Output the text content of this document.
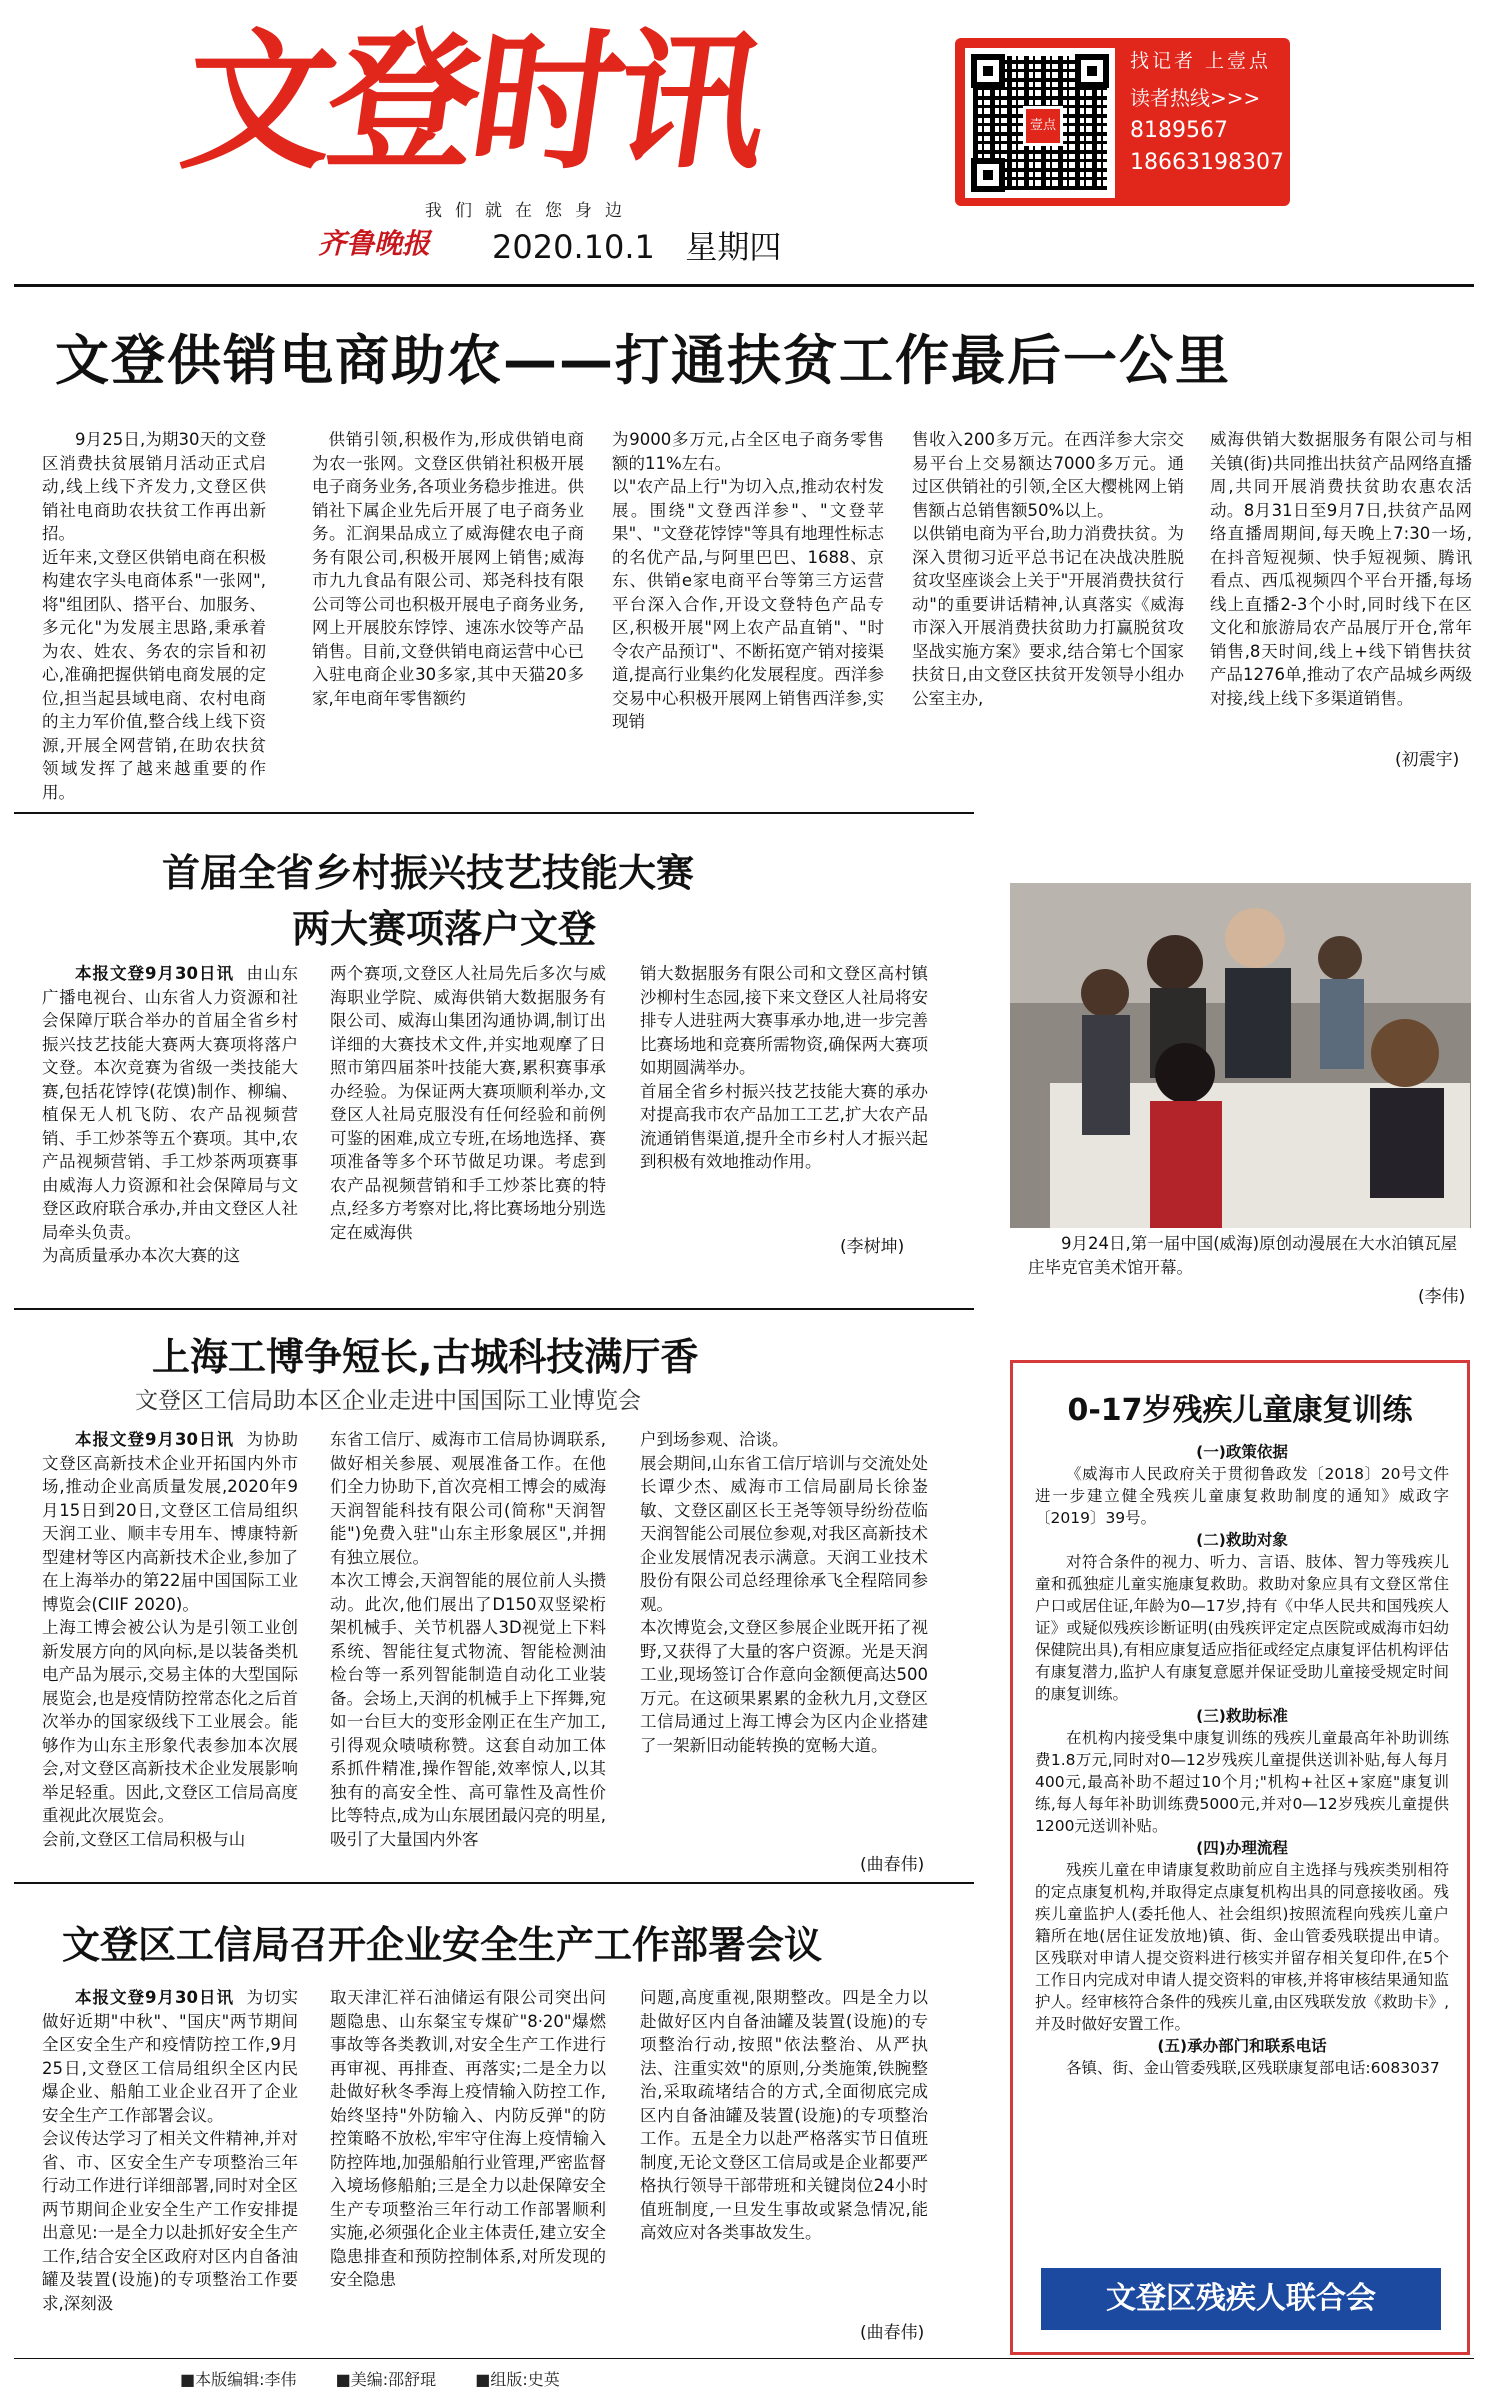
文登时讯
我们就在您身边
齐鲁晚报 2020.10.1 星期四
壹点
找记者 上壹点
读者热线>>>
8189567
18663198307
文登供销电商助农——打通扶贫工作最后一公里

9月25日,为期30天的文登区消费扶贫展销月活动正式启动,线上线下齐发力,文登区供销社电商助农扶贫工作再出新招。
近年来,文登区供销电商在积极构建农字头电商体系"一张网",将"组团队、搭平台、加服务、多元化"为发展主思路,秉承着为农、姓农、务农的宗旨和初心,准确把握供销电商发展的定位,担当起县域电商、农村电商的主力军价值,整合线上线下资源,开展全网营销,在助农扶贫领域发挥了越来越重要的作用。

供销引领,积极作为,形成供销电商为农一张网。文登区供销社积极开展电子商务业务,各项业务稳步推进。供销社下属企业先后开展了电子商务业务。汇润果品成立了威海健农电子商务有限公司,积极开展网上销售;威海市九九食品有限公司、郑尧科技有限公司等公司也积极开展电子商务业务,网上开展胶东饽饽、速冻水饺等产品销售。目前,文登供销电商运营中心已入驻电商企业30多家,其中天猫20多家,年电商年零售额约

为9000多万元,占全区电子商务零售额的11%左右。
以"农产品上行"为切入点,推动农村发展。围绕"文登西洋参"、"文登苹果"、"文登花饽饽"等具有地理性标志的名优产品,与阿里巴巴、1688、京东、供销e家电商平台等第三方运营平台深入合作,开设文登特色产品专区,积极开展"网上农产品直销"、"时令农产品预订"、不断拓宽产销对接渠道,提高行业集约化发展程度。西洋参交易中心积极开展网上销售西洋参,实现销

售收入200多万元。在西洋参大宗交易平台上交易额达7000多万元。通过区供销社的引领,全区大樱桃网上销售额占总销售额50%以上。
以供销电商为平台,助力消费扶贫。为深入贯彻习近平总书记在决战决胜脱贫攻坚座谈会上关于"开展消费扶贫行动"的重要讲话精神,认真落实《威海市深入开展消费扶贫助力打赢脱贫攻坚战实施方案》要求,结合第七个国家扶贫日,由文登区扶贫开发领导小组办公室主办,

威海供销大数据服务有限公司与相关镇(街)共同推出扶贫产品网络直播周,共同开展消费扶贫助农惠农活动。8月31日至9月7日,扶贫产品网络直播周期间,每天晚上7:30一场,在抖音短视频、快手短视频、腾讯看点、西瓜视频四个平台开播,每场线上直播2-3个小时,同时线下在区文化和旅游局农产品展厅开仓,常年销售,8天时间,线上+线下销售扶贫产品1276单,推动了农产品城乡两级对接,线上线下多渠道销售。

(初震宇)
首届全省乡村振兴技艺技能大赛
两大赛项落户文登

本报文登9月30日讯 由山东广播电视台、山东省人力资源和社会保障厅联合举办的首届全省乡村振兴技艺技能大赛两大赛项将落户文登。本次竞赛为省级一类技能大赛,包括花饽饽(花馍)制作、柳编、植保无人机飞防、农产品视频营销、手工炒茶等五个赛项。其中,农产品视频营销、手工炒茶两项赛事由威海人力资源和社会保障局与文登区政府联合承办,并由文登区人社局牵头负责。
为高质量承办本次大赛的这

两个赛项,文登区人社局先后多次与威海职业学院、威海供销大数据服务有限公司、威海山集团沟通协调,制订出详细的大赛技术文件,并实地观摩了日照市第四届茶叶技能大赛,累积赛事承办经验。为保证两大赛项顺利举办,文登区人社局克服没有任何经验和前例可鉴的困难,成立专班,在场地选择、赛项准备等多个环节做足功课。考虑到农产品视频营销和手工炒茶比赛的特点,经多方考察对比,将比赛场地分别选定在威海供

销大数据服务有限公司和文登区高村镇沙柳村生态园,接下来文登区人社局将安排专人进驻两大赛事承办地,进一步完善比赛场地和竞赛所需物资,确保两大赛项如期圆满举办。
首届全省乡村振兴技艺技能大赛的承办对提高我市农产品加工工艺,扩大农产品流通销售渠道,提升全市乡村人才振兴起到积极有效地推动作用。

(李树坤)	9月24日,第一届中国(威海)原创动漫展在大水泊镇瓦屋庄毕克官美术馆开幕。
(李伟)
上海工博争短长,古城科技满厅香
文登区工信局助本区企业走进中国国际工业博览会

本报文登9月30日讯 为协助文登区高新技术企业开拓国内外市场,推动企业高质量发展,2020年9月15日到20日,文登区工信局组织天润工业、顺丰专用车、博康特新型建材等区内高新技术企业,参加了在上海举办的第22届中国国际工业博览会(CIIF 2020)。
上海工博会被公认为是引领工业创新发展方向的风向标,是以装备类机电产品为展示,交易主体的大型国际展览会,也是疫情防控常态化之后首次举办的国家级线下工业展会。能够作为山东主形象代表参加本次展会,对文登区高新技术企业发展影响举足轻重。因此,文登区工信局高度重视此次展览会。
会前,文登区工信局积极与山

东省工信厅、威海市工信局协调联系,做好相关参展、观展准备工作。在他们全力协助下,首次亮相工博会的威海天润智能科技有限公司(简称"天润智能")免费入驻"山东主形象展区",并拥有独立展位。
本次工博会,天润智能的展位前人头攒动。此次,他们展出了D150双竖梁桁架机械手、关节机器人3D视觉上下料系统、智能往复式物流、智能检测油检台等一系列智能制造自动化工业装备。会场上,天润的机械手上下挥舞,宛如一台巨大的变形金刚正在生产加工,引得观众啧啧称赞。这套自动加工体系抓件精准,操作智能,效率惊人,以其独有的高安全性、高可靠性及高性价比等特点,成为山东展团最闪亮的明星,吸引了大量国内外客

户到场参观、洽谈。
展会期间,山东省工信厅培训与交流处处长谭少杰、威海市工信局副局长徐崟敏、文登区副区长王尧等领导纷纷莅临天润智能公司展位参观,对我区高新技术企业发展情况表示满意。天润工业技术股份有限公司总经理徐承飞全程陪同参观。
本次博览会,文登区参展企业既开拓了视野,又获得了大量的客户资源。光是天润工业,现场签订合作意向金额便高达500万元。在这硕果累累的金秋九月,文登区工信局通过上海工博会为区内企业搭建了一架新旧动能转换的宽畅大道。

(曲春伟)
文登区工信局召开企业安全生产工作部署会议

本报文登9月30日讯 为切实做好近期"中秋"、"国庆"两节期间全区安全生产和疫情防控工作,9月25日,文登区工信局组织全区内民爆企业、船舶工业企业召开了企业安全生产工作部署会议。
会议传达学习了相关文件精神,并对省、市、区安全生产专项整治三年行动工作进行详细部署,同时对全区两节期间企业安全生产工作安排提出意见:一是全力以赴抓好安全生产工作,结合安全区政府对区内自备油罐及装置(设施)的专项整治工作要求,深刻汲

取天津汇祥石油储运有限公司突出问题隐患、山东粲宝专煤矿"8·20"爆燃事故等各类教训,对安全生产工作进行再审视、再排查、再落实;二是全力以赴做好秋冬季海上疫情输入防控工作,始终坚持"外防输入、内防反弹"的防控策略不放松,牢牢守住海上疫情输入防控阵地,加强船舶行业管理,严密监督入境场修船舶;三是全力以赴保障安全生产专项整治三年行动工作部署顺利实施,必须强化企业主体责任,建立安全隐患排查和预防控制体系,对所发现的安全隐患

问题,高度重视,限期整改。四是全力以赴做好区内自备油罐及装置(设施)的专项整治行动,按照"依法整治、从严执法、注重实效"的原则,分类施策,铁腕整治,采取疏堵结合的方式,全面彻底完成区内自备油罐及装置(设施)的专项整治工作。五是全力以赴严格落实节日值班制度,无论文登区工信局或是企业都要严格执行领导干部带班和关键岗位24小时值班制度,一旦发生事故或紧急情况,能高效应对各类事故发生。

(曲春伟)
0-17岁残疾儿童康复训练
(一)政策依据

《威海市人民政府关于贯彻鲁政发〔2018〕20号文件进一步建立健全残疾儿童康复救助制度的通知》威政字〔2019〕39号。

(二)救助对象

对符合条件的视力、听力、言语、肢体、智力等残疾儿童和孤独症儿童实施康复救助。救助对象应具有文登区常住户口或居住证,年龄为0—17岁,持有《中华人民共和国残疾人证》或疑似残疾诊断证明(由残疾评定定点医院或威海市妇幼保健院出具),有相应康复适应指征或经定点康复评估机构评估有康复潜力,监护人有康复意愿并保证受助儿童接受规定时间的康复训练。

(三)救助标准

在机构内接受集中康复训练的残疾儿童最高年补助训练费1.8万元,同时对0—12岁残疾儿童提供送训补贴,每人每月400元,最高补助不超过10个月;"机构+社区+家庭"康复训练,每人每年补助训练费5000元,并对0—12岁残疾儿童提供1200元送训补贴。

(四)办理流程

残疾儿童在申请康复救助前应自主选择与残疾类别相符的定点康复机构,并取得定点康复机构出具的同意接收函。残疾儿童监护人(委托他人、社会组织)按照流程向残疾儿童户籍所在地(居住证发放地)镇、街、金山管委残联提出申请。区残联对申请人提交资料进行核实并留存相关复印件,在5个工作日内完成对申请人提交资料的审核,并将审核结果通知监护人。经审核符合条件的残疾儿童,由区残联发放《救助卡》,并及时做好安置工作。

(五)承办部门和联系电话

各镇、街、金山管委残联,区残联康复部电话:6083037

文登区残疾人联合会
■本版编辑:李伟 ■美编:邵舒琨 ■组版:史英
